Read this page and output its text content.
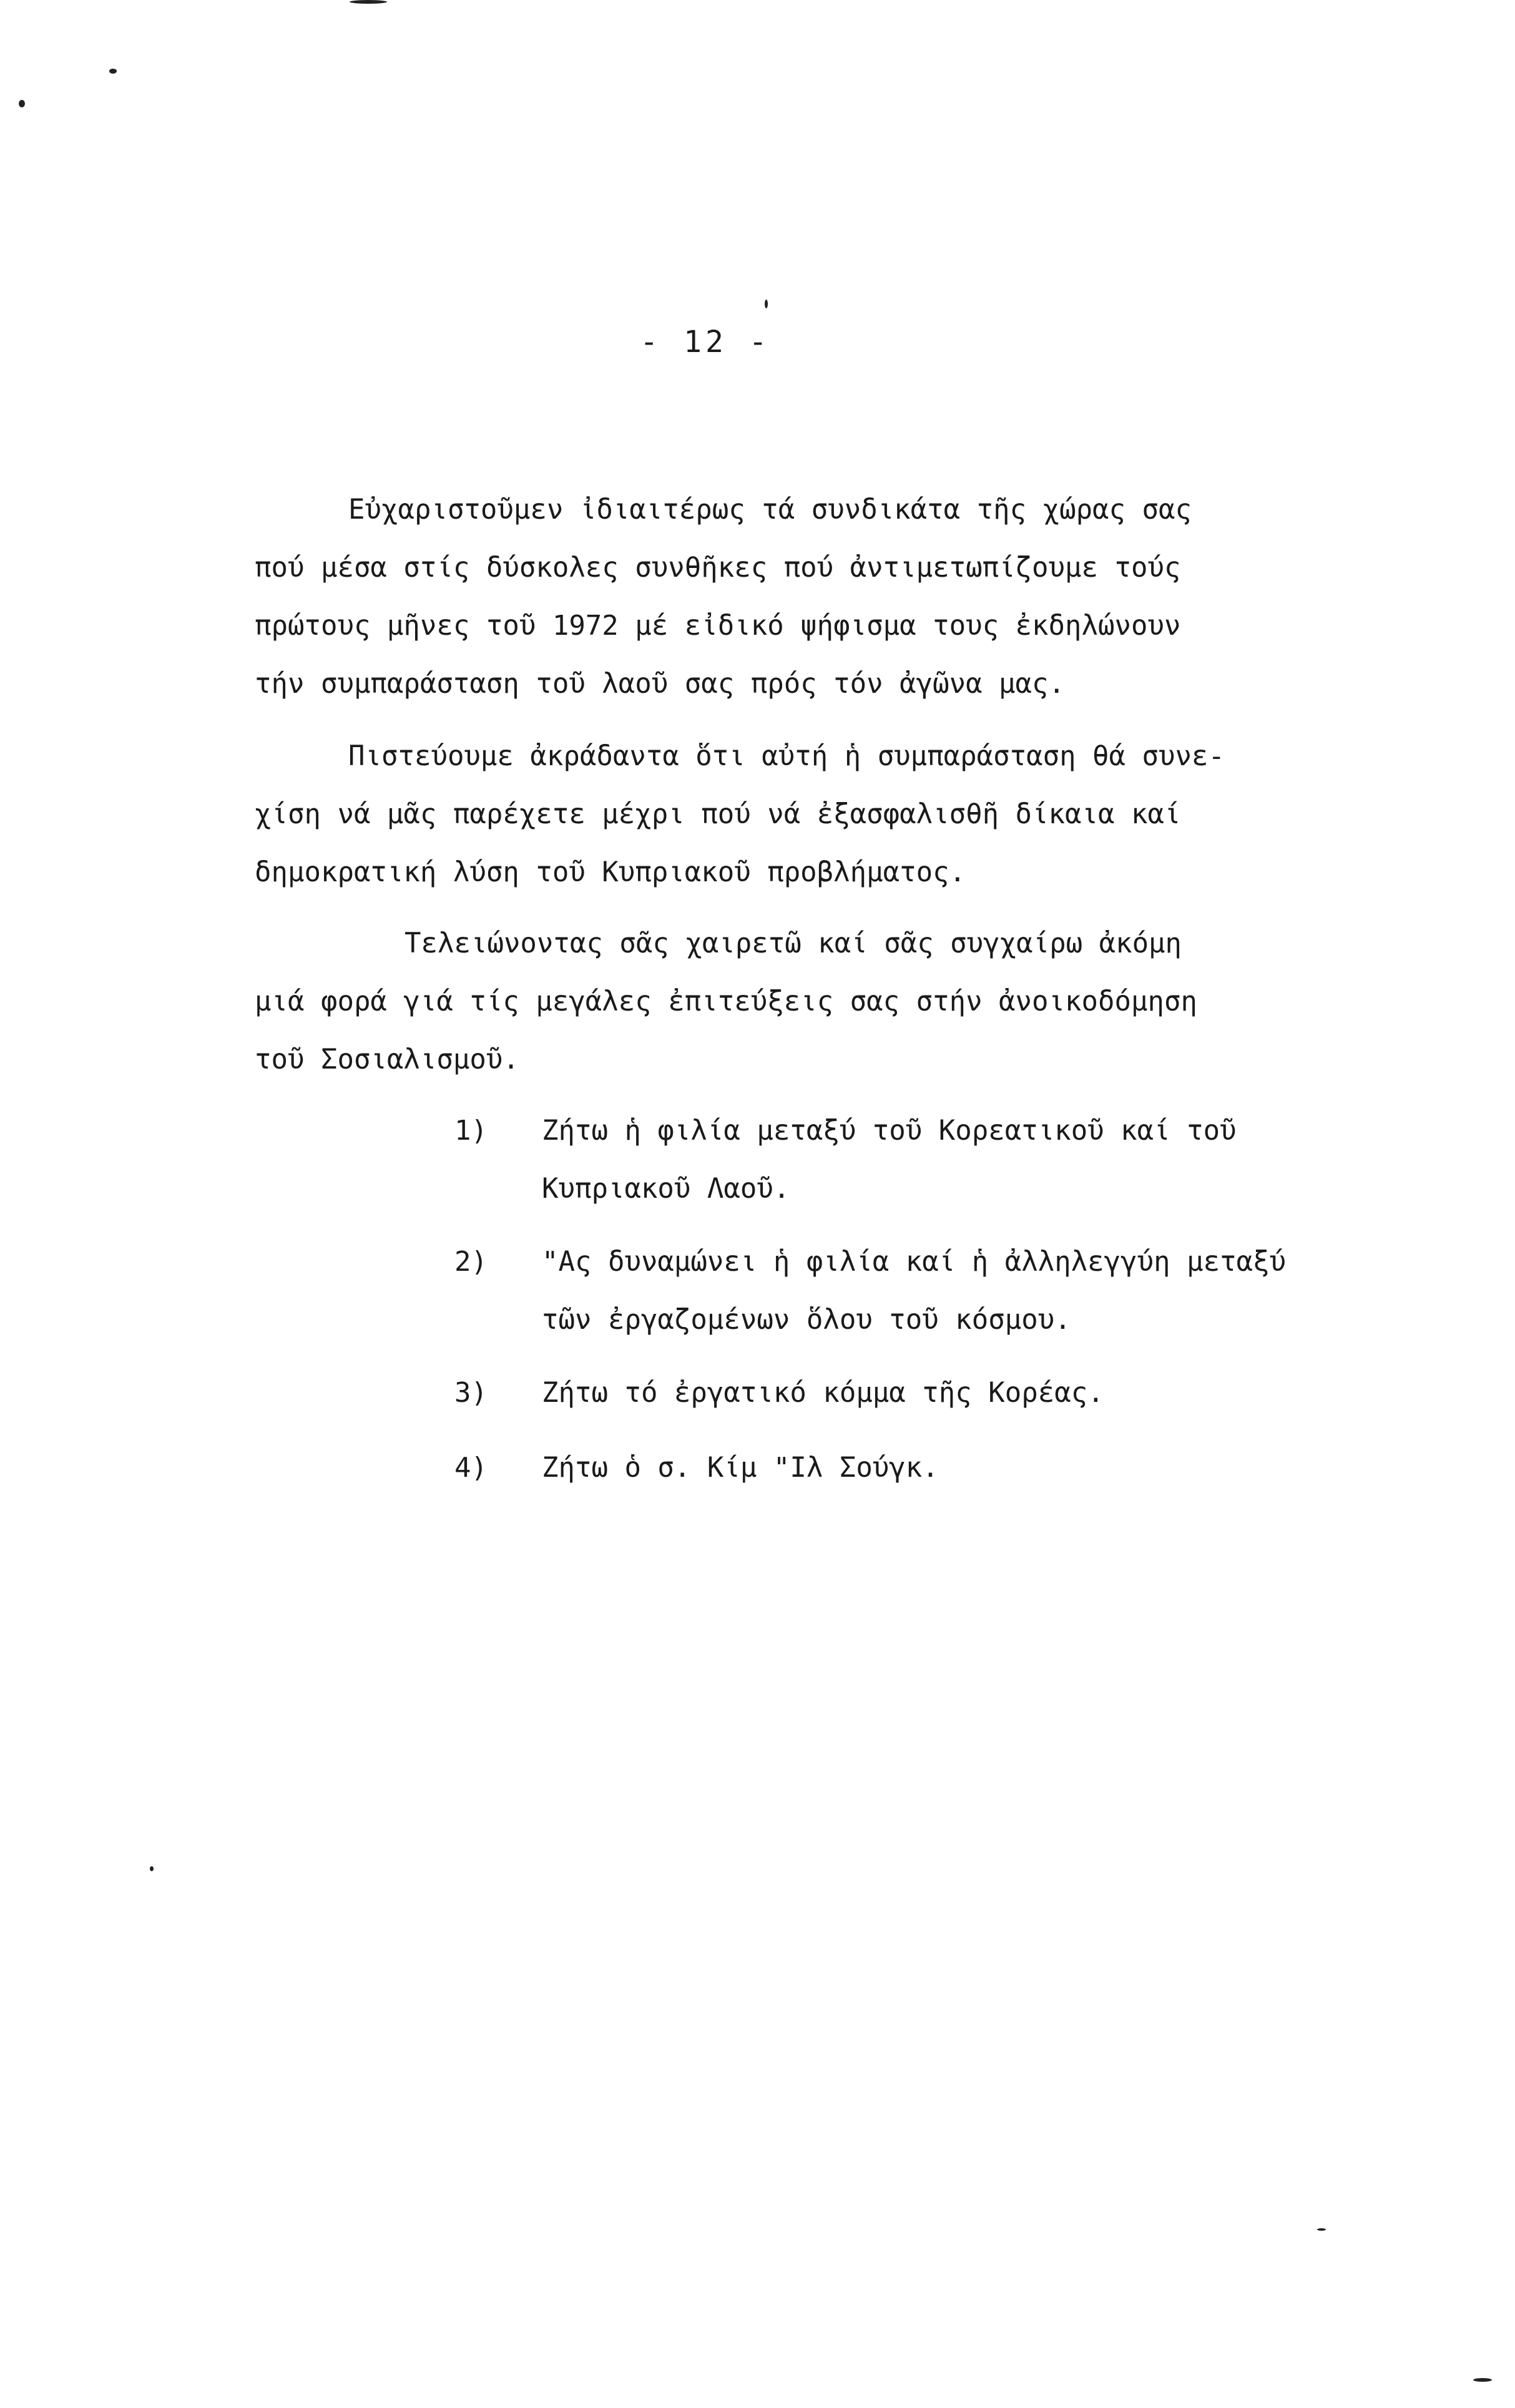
- 12 -

Εὐχαριστοῦμεν ἰδιαιτέρως τά συνδικάτα τῆς χώρας σας
πού μέσα στίς δύσκολες συνθῆκες πού ἀντιμετωπίζουμε τούς
πρώτους μῆνες τοῦ 1972 μέ εἰδικό ψήφισμα τους ἐκδηλώνουν
τήν συμπαράσταση τοῦ λαοῦ σας πρός τόν ἀγῶνα μας.

Πιστεύουμε ἀκράδαντα ὅτι αὐτή ἡ συμπαράσταση θά συνε-
χίση νά μᾶς παρέχετε μέχρι πού νά ἐξασφαλισθῆ δίκαια καί
δημοκρατική λύση τοῦ Κυπριακοῦ προβλήματος.

Τελειώνοντας σᾶς χαιρετῶ καί σᾶς συγχαίρω ἀκόμη
μιά φορά γιά τίς μεγάλες ἐπιτεύξεις σας στήν ἀνοικοδόμηση
τοῦ Σοσιαλισμοῦ.

1) Ζήτω ἡ φιλία μεταξύ τοῦ Κορεατικοῦ καί τοῦ
Κυπριακοῦ Λαοῦ.
2) "Ας δυναμώνει ἡ φιλία καί ἡ ἀλληλεγγύη μεταξύ
τῶν ἐργαζομένων ὅλου τοῦ κόσμου.
3) Ζήτω τό ἐργατικό κόμμα τῆς Κορέας.
4) Ζήτω ὁ σ. Κίμ "Ιλ Σούγκ.
